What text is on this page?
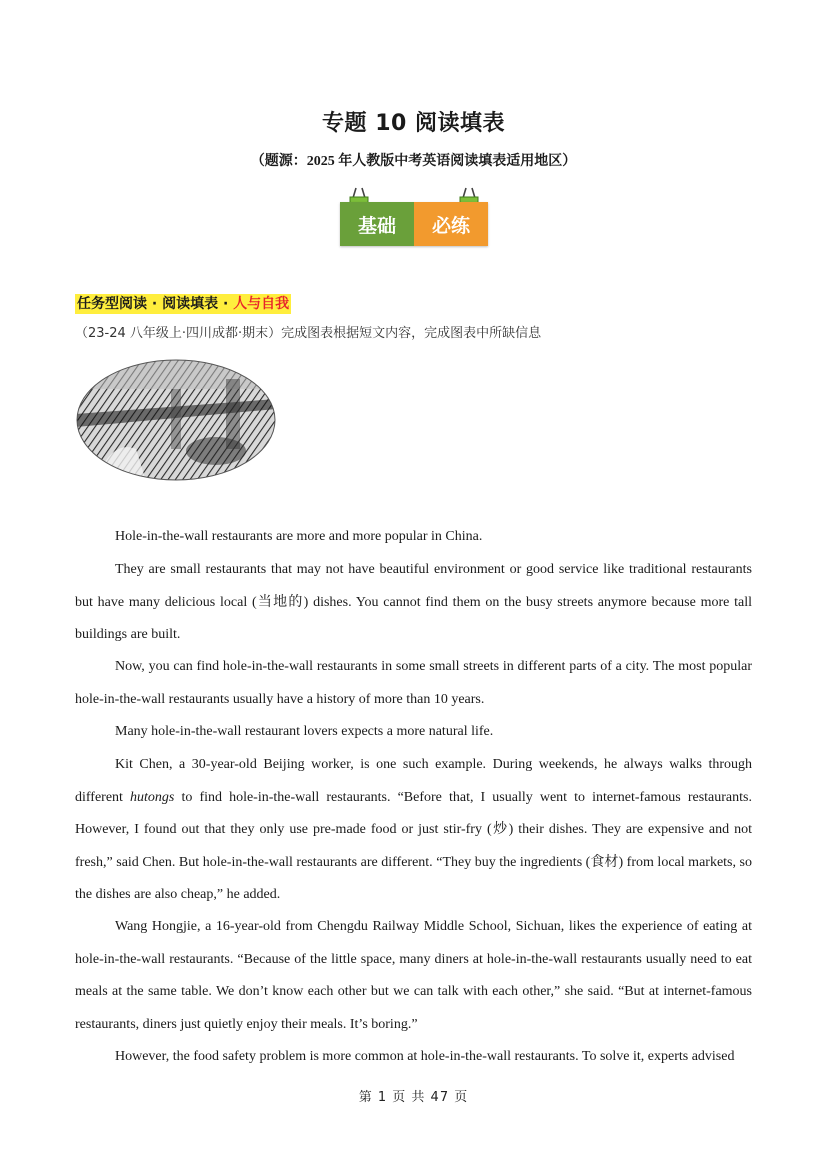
专题 10 阅读填表
（题源：2025 年人教版中考英语阅读填表适用地区）
基础	必练
任务型阅读 · 阅读填表 · 人与自我
（23-24 八年级上·四川成都·期末）完成图表根据短文内容，完成图表中所缺信息

Hole-in-the-wall restaurants are more and more popular in China.

They are small restaurants that may not have beautiful environment or good service like traditional restaurants but have many delicious local (当地的) dishes. You cannot find them on the busy streets anymore because more tall buildings are built.

Now, you can find hole-in-the-wall restaurants in some small streets in different parts of a city. The most popular hole-in-the-wall restaurants usually have a history of more than 10 years.

Many hole-in-the-wall restaurant lovers expects a more natural life.

Kit Chen, a 30-year-old Beijing worker, is one such example. During weekends, he always walks through different hutongs to find hole-in-the-wall restaurants. “Before that, I usually went to internet-famous restaurants. However, I found out that they only use pre-made food or just stir-fry (炒) their dishes. They are expensive and not fresh,” said Chen. But hole-in-the-wall restaurants are different. “They buy the ingredients (食材) from local markets, so the dishes are also cheap,” he added.

Wang Hongjie, a 16-year-old from Chengdu Railway Middle School, Sichuan, likes the experience of eating at hole-in-the-wall restaurants. “Because of the little space, many diners at hole-in-the-wall restaurants usually need to eat meals at the same table. We don’t know each other but we can talk with each other,” she said. “But at internet-famous restaurants, diners just quietly enjoy their meals. It’s boring.”

However, the food safety problem is more common at hole-in-the-wall restaurants. To solve it, experts advised

第 1 页 共 47 页
